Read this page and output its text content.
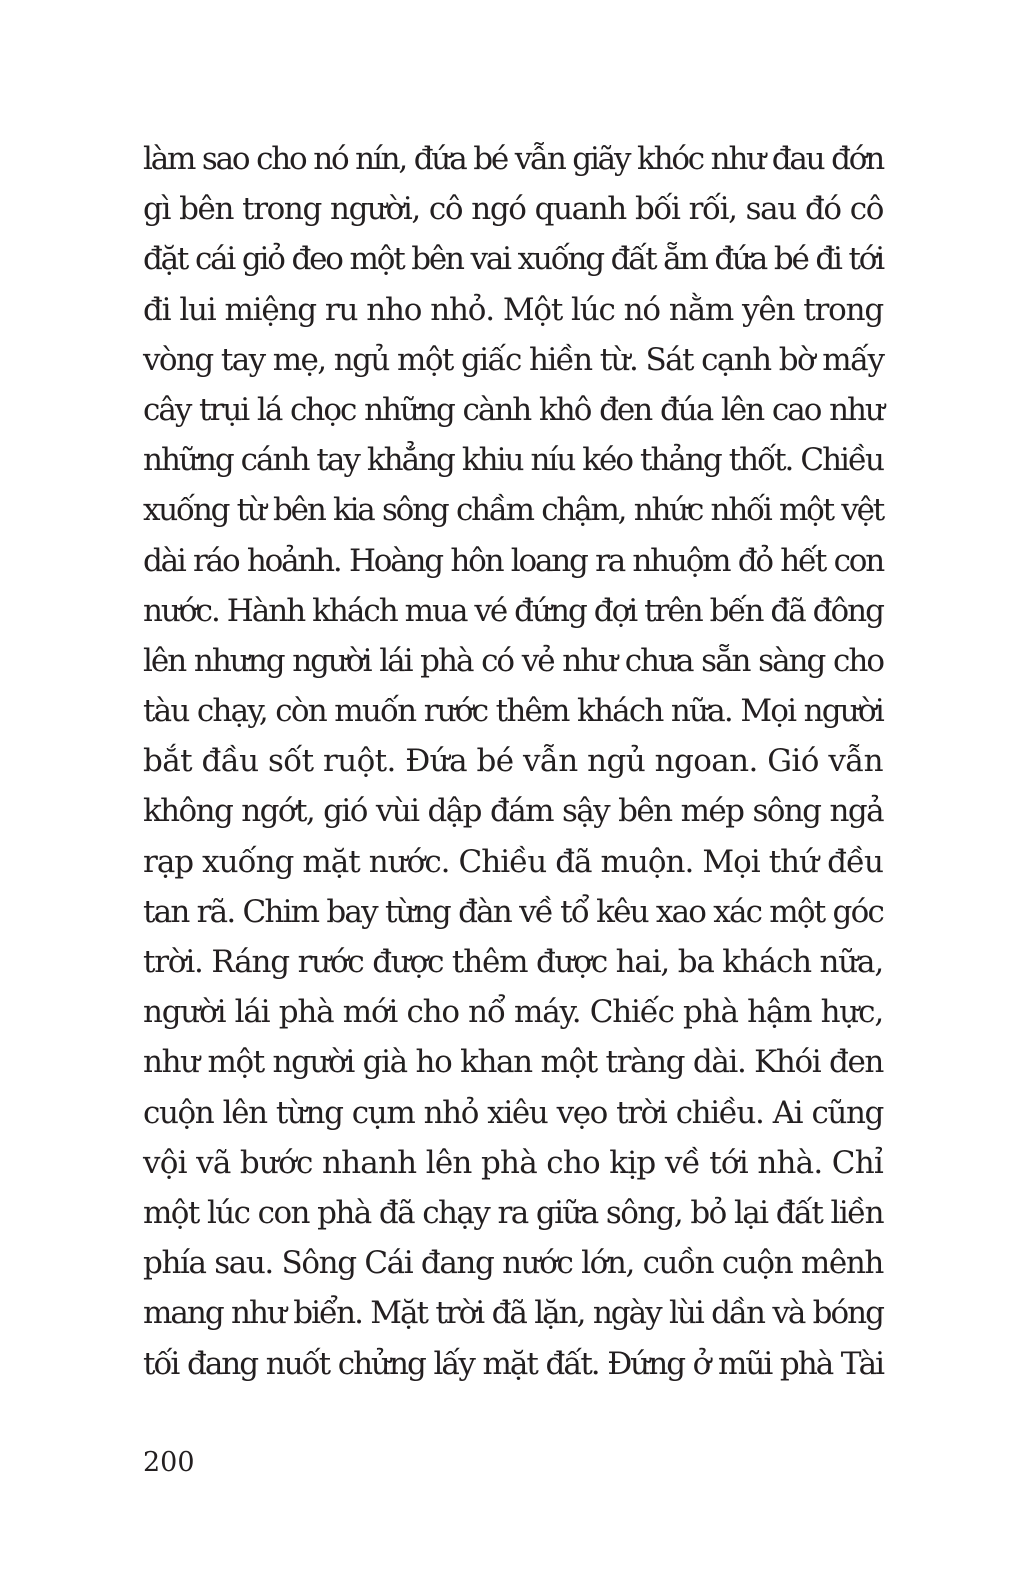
làm sao cho nó nín, đứa bé vẫn giãy khóc như đau đớn
gì bên trong người, cô ngó quanh bối rối, sau đó cô
đặt cái giỏ đeo một bên vai xuống đất ẵm đứa bé đi tới
đi lui miệng ru nho nhỏ. Một lúc nó nằm yên trong
vòng tay mẹ, ngủ một giấc hiền từ. Sát cạnh bờ mấy
cây trụi lá chọc những cành khô đen đúa lên cao như
những cánh tay khẳng khiu níu kéo thảng thốt. Chiều
xuống từ bên kia sông chầm chậm, nhức nhối một vệt
dài ráo hoảnh. Hoàng hôn loang ra nhuộm đỏ hết con
nước. Hành khách mua vé đứng đợi trên bến đã đông
lên nhưng người lái phà có vẻ như chưa sẵn sàng cho
tàu chạy, còn muốn rước thêm khách nữa. Mọi người
bắt đầu sốt ruột. Đứa bé vẫn ngủ ngoan. Gió vẫn
không ngớt, gió vùi dập đám sậy bên mép sông ngả
rạp xuống mặt nước. Chiều đã muộn. Mọi thứ đều
tan rã. Chim bay từng đàn về tổ kêu xao xác một góc
trời. Ráng rước được thêm được hai, ba khách nữa,
người lái phà mới cho nổ máy. Chiếc phà hậm hực,
như một người già ho khan một tràng dài. Khói đen
cuộn lên từng cụm nhỏ xiêu vẹo trời chiều. Ai cũng
vội vã bước nhanh lên phà cho kịp về tới nhà. Chỉ
một lúc con phà đã chạy ra giữa sông, bỏ lại đất liền
phía sau. Sông Cái đang nước lớn, cuồn cuộn mênh
mang như biển. Mặt trời đã lặn, ngày lùi dần và bóng
tối đang nuốt chửng lấy mặt đất. Đứng ở mũi phà Tài
200
